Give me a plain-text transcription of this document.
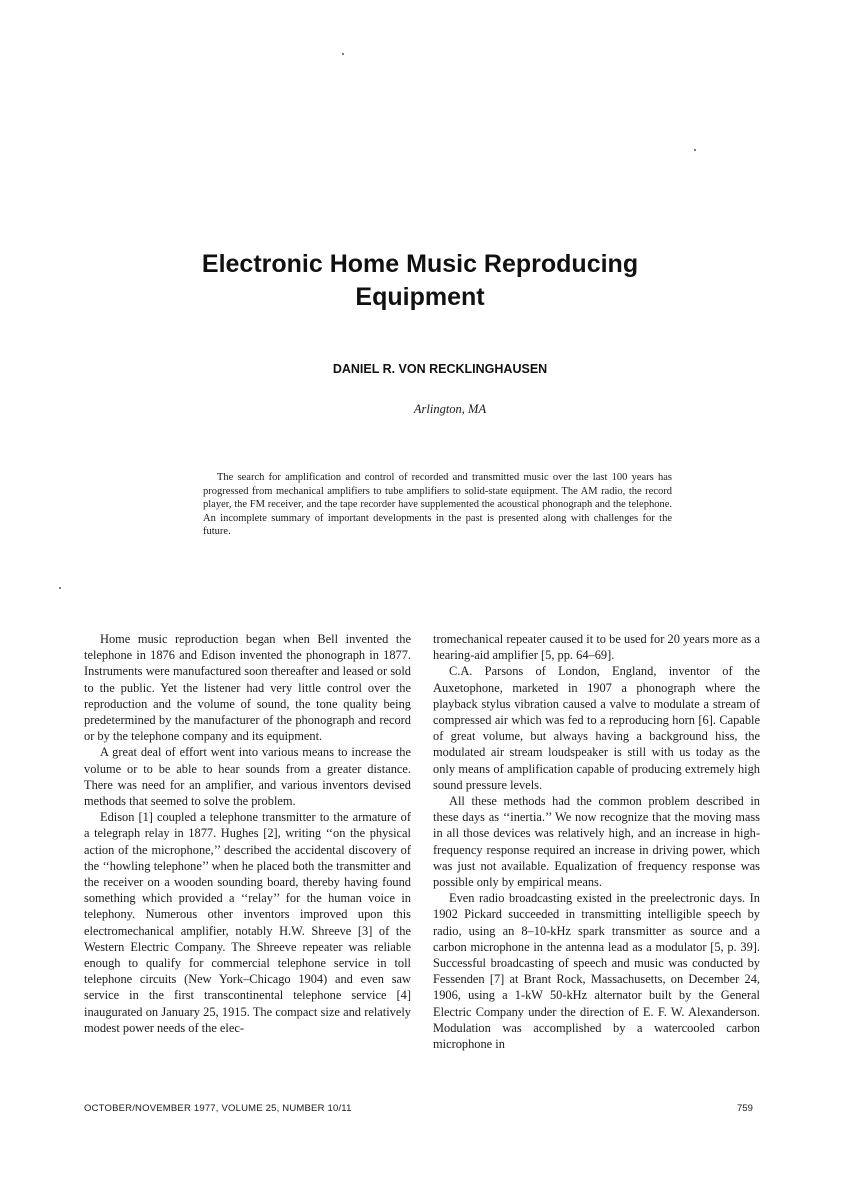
Electronic Home Music Reproducing
Equipment
DANIEL R. VON RECKLINGHAUSEN
Arlington, MA

The search for amplification and control of recorded and transmitted music over the last 100 years has progressed from mechanical amplifiers to tube amplifiers to solid-state equipment. The AM radio, the record player, the FM receiver, and the tape recorder have supplemented the acoustical phonograph and the telephone. An incomplete summary of important developments in the past is presented along with challenges for the future.

Home music reproduction began when Bell invented the telephone in 1876 and Edison invented the phonograph in 1877. Instruments were manufactured soon thereafter and leased or sold to the public. Yet the listener had very little control over the reproduction and the volume of sound, the tone quality being predetermined by the manufacturer of the phonograph and record or by the telephone company and its equipment.

A great deal of effort went into various means to increase the volume or to be able to hear sounds from a greater distance. There was need for an amplifier, and various inventors devised methods that seemed to solve the problem.

Edison [1] coupled a telephone transmitter to the armature of a telegraph relay in 1877. Hughes [2], writing ‘‘on the physical action of the microphone,’’ described the accidental discovery of the ‘‘howling telephone’’ when he placed both the transmitter and the receiver on a wooden sounding board, thereby having found something which provided a ‘‘relay’’ for the human voice in telephony. Numerous other inventors improved upon this electromechanical amplifier, notably H.W. Shreeve [3] of the Western Electric Company. The Shreeve repeater was reliable enough to qualify for commercial telephone service in toll telephone circuits (New York–Chicago 1904) and even saw service in the first transcontinental telephone service [4] inaugurated on January 25, 1915. The compact size and relatively modest power needs of the elec-

tromechanical repeater caused it to be used for 20 years more as a hearing-aid amplifier [5, pp. 64–69].

C.A. Parsons of London, England, inventor of the Auxetophone, marketed in 1907 a phonograph where the playback stylus vibration caused a valve to modulate a stream of compressed air which was fed to a reproducing horn [6]. Capable of great volume, but always having a background hiss, the modulated air stream loudspeaker is still with us today as the only means of amplification capable of producing extremely high sound pressure levels.

All these methods had the common problem described in these days as ‘‘inertia.’’ We now recognize that the moving mass in all those devices was relatively high, and an increase in high-frequency response required an increase in driving power, which was just not available. Equalization of frequency response was possible only by empirical means.

Even radio broadcasting existed in the preelectronic days. In 1902 Pickard succeeded in transmitting intelligible speech by radio, using an 8–10-kHz spark transmitter as source and a carbon microphone in the antenna lead as a modulator [5, p. 39]. Successful broadcasting of speech and music was conducted by Fessenden [7] at Brant Rock, Massachusetts, on December 24, 1906, using a 1-kW 50-kHz alternator built by the General Electric Company under the direction of E. F. W. Alexanderson. Modulation was accomplished by a watercooled carbon microphone in

OCTOBER/NOVEMBER 1977, VOLUME 25, NUMBER 10/11	759
